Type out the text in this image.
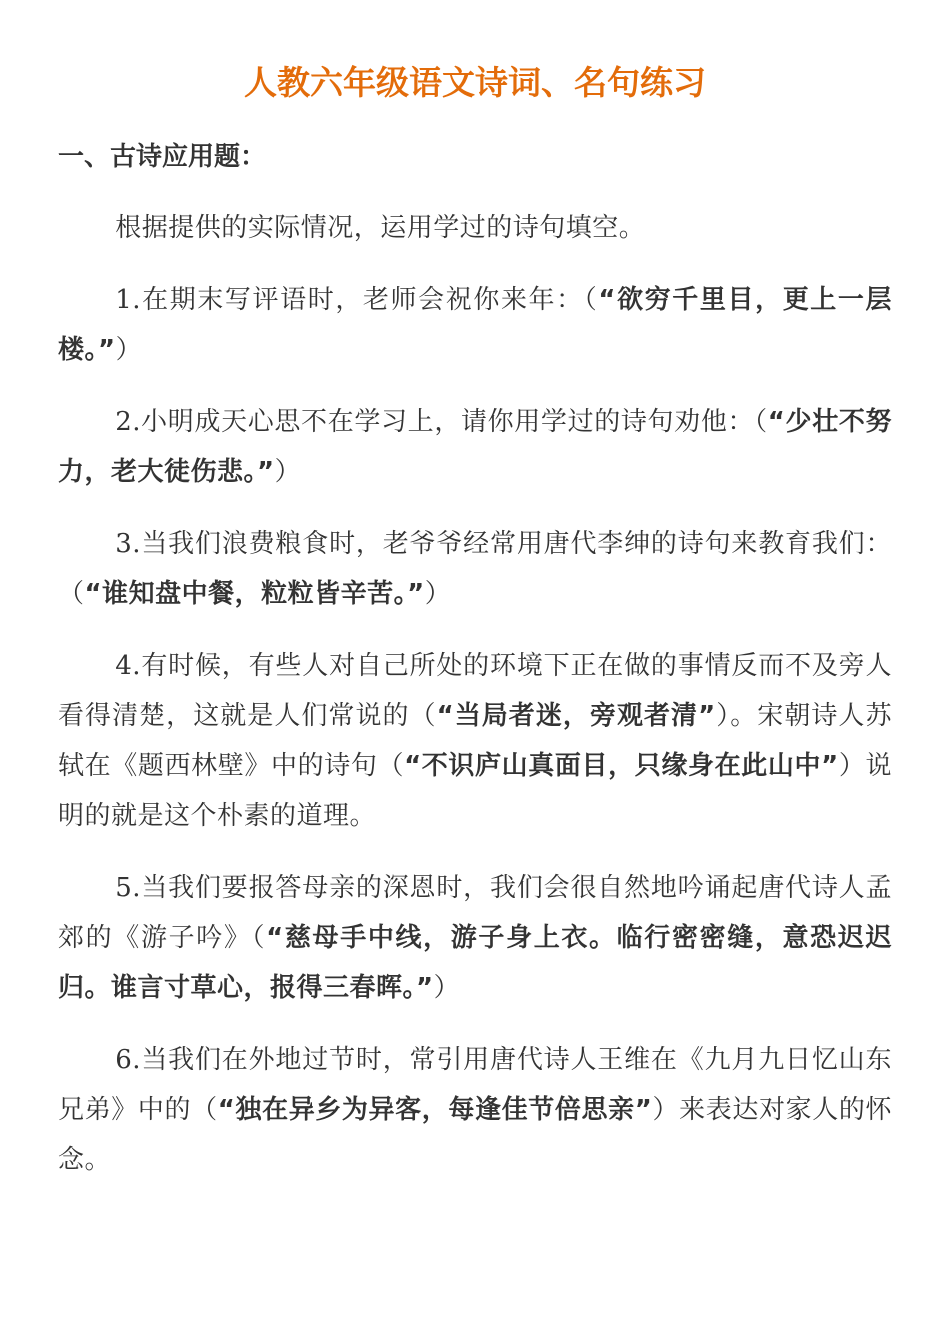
人教六年级语文诗词、名句练习
一、古诗应用题：

根据提供的实际情况，运用学过的诗句填空。

1.在期末写评语时，老师会祝你来年：（“欲穷千里目，更上一层楼。”）

2.小明成天心思不在学习上，请你用学过的诗句劝他：（“少壮不努力，老大徒伤悲。”）

3.当我们浪费粮食时，老爷爷经常用唐代李绅的诗句来教育我们：（“谁知盘中餐，粒粒皆辛苦。”）

4.有时候，有些人对自己所处的环境下正在做的事情反而不及旁人看得清楚，这就是人们常说的（“当局者迷，旁观者清”）。宋朝诗人苏轼在《题西林壁》中的诗句（“不识庐山真面目，只缘身在此山中”）说明的就是这个朴素的道理。

5.当我们要报答母亲的深恩时，我们会很自然地吟诵起唐代诗人孟郊的《游子吟》（“慈母手中线，游子身上衣。临行密密缝，意恐迟迟归。谁言寸草心，报得三春晖。”）

6.当我们在外地过节时，常引用唐代诗人王维在《九月九日忆山东兄弟》中的（“独在异乡为异客，每逢佳节倍思亲”）来表达对家人的怀念。
